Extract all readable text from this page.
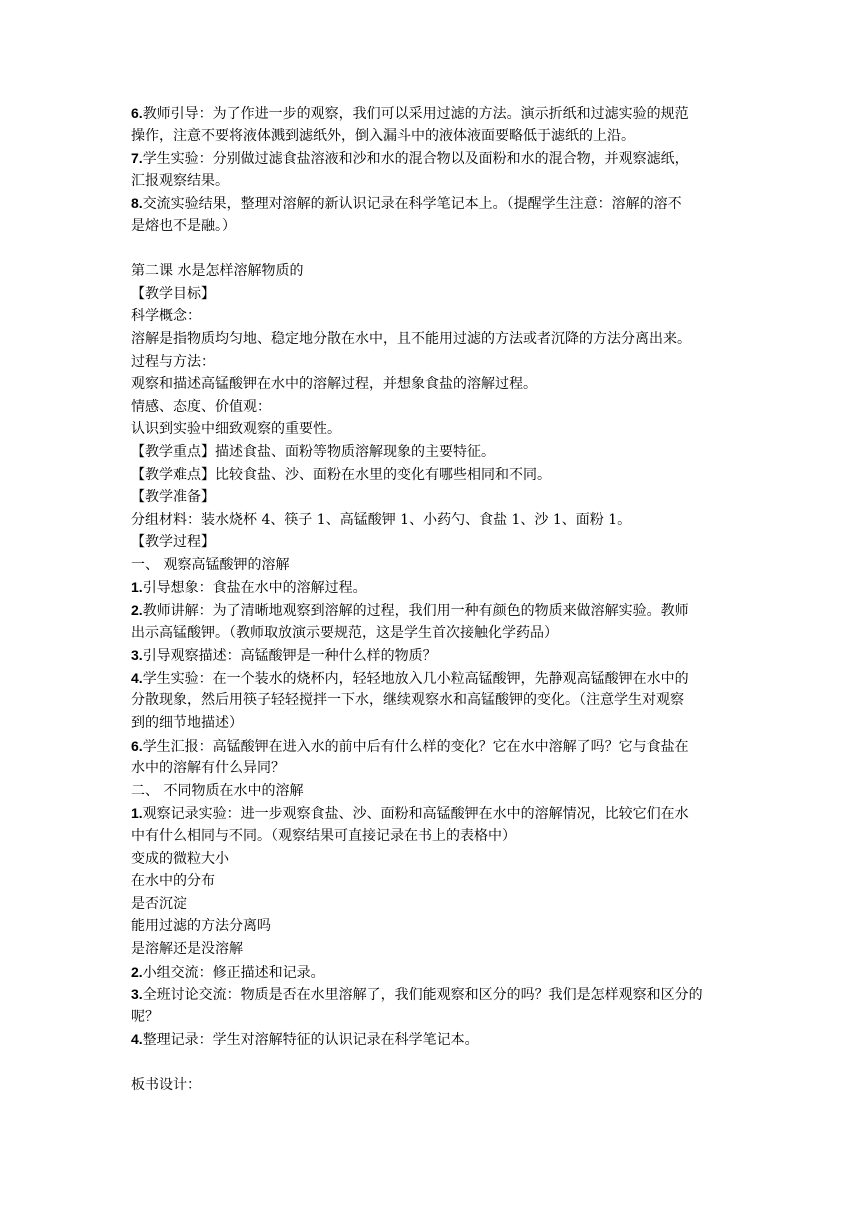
6.教师引导：为了作进一步的观察，我们可以采用过滤的方法。演示折纸和过滤实验的规范
操作，注意不要将液体溅到滤纸外，倒入漏斗中的液体液面要略低于滤纸的上沿。
7.学生实验：分别做过滤食盐溶液和沙和水的混合物以及面粉和水的混合物，并观察滤纸，
汇报观察结果。
8.交流实验结果，整理对溶解的新认识记录在科学笔记本上。（提醒学生注意：溶解的溶不
是熔也不是融。）
第二课 水是怎样溶解物质的
【教学目标】
科学概念：
溶解是指物质均匀地、稳定地分散在水中，且不能用过滤的方法或者沉降的方法分离出来。
过程与方法：
观察和描述高锰酸钾在水中的溶解过程，并想象食盐的溶解过程。
情感、态度、价值观：
认识到实验中细致观察的重要性。
【教学重点】描述食盐、面粉等物质溶解现象的主要特征。
【教学难点】比较食盐、沙、面粉在水里的变化有哪些相同和不同。
【教学准备】
分组材料：装水烧杯 4、筷子 1、高锰酸钾 1、小药勺、食盐 1、沙 1、面粉 1。
【教学过程】
一、 观察高锰酸钾的溶解
1.引导想象：食盐在水中的溶解过程。
2.教师讲解：为了清晰地观察到溶解的过程，我们用一种有颜色的物质来做溶解实验。教师
出示高锰酸钾。（教师取放演示要规范，这是学生首次接触化学药品）
3.引导观察描述：高锰酸钾是一种什么样的物质？
4.学生实验：在一个装水的烧杯内，轻轻地放入几小粒高锰酸钾，先静观高锰酸钾在水中的
分散现象，然后用筷子轻轻搅拌一下水，继续观察水和高锰酸钾的变化。（注意学生对观察
到的细节地描述）
6.学生汇报：高锰酸钾在进入水的前中后有什么样的变化？它在水中溶解了吗？它与食盐在
水中的溶解有什么异同？
二、 不同物质在水中的溶解
1.观察记录实验：进一步观察食盐、沙、面粉和高锰酸钾在水中的溶解情况，比较它们在水
中有什么相同与不同。（观察结果可直接记录在书上的表格中）
变成的微粒大小
在水中的分布
是否沉淀
能用过滤的方法分离吗
是溶解还是没溶解
2.小组交流：修正描述和记录。
3.全班讨论交流：物质是否在水里溶解了，我们能观察和区分的吗？我们是怎样观察和区分的
呢？
4.整理记录：学生对溶解特征的认识记录在科学笔记本。
板书设计：
